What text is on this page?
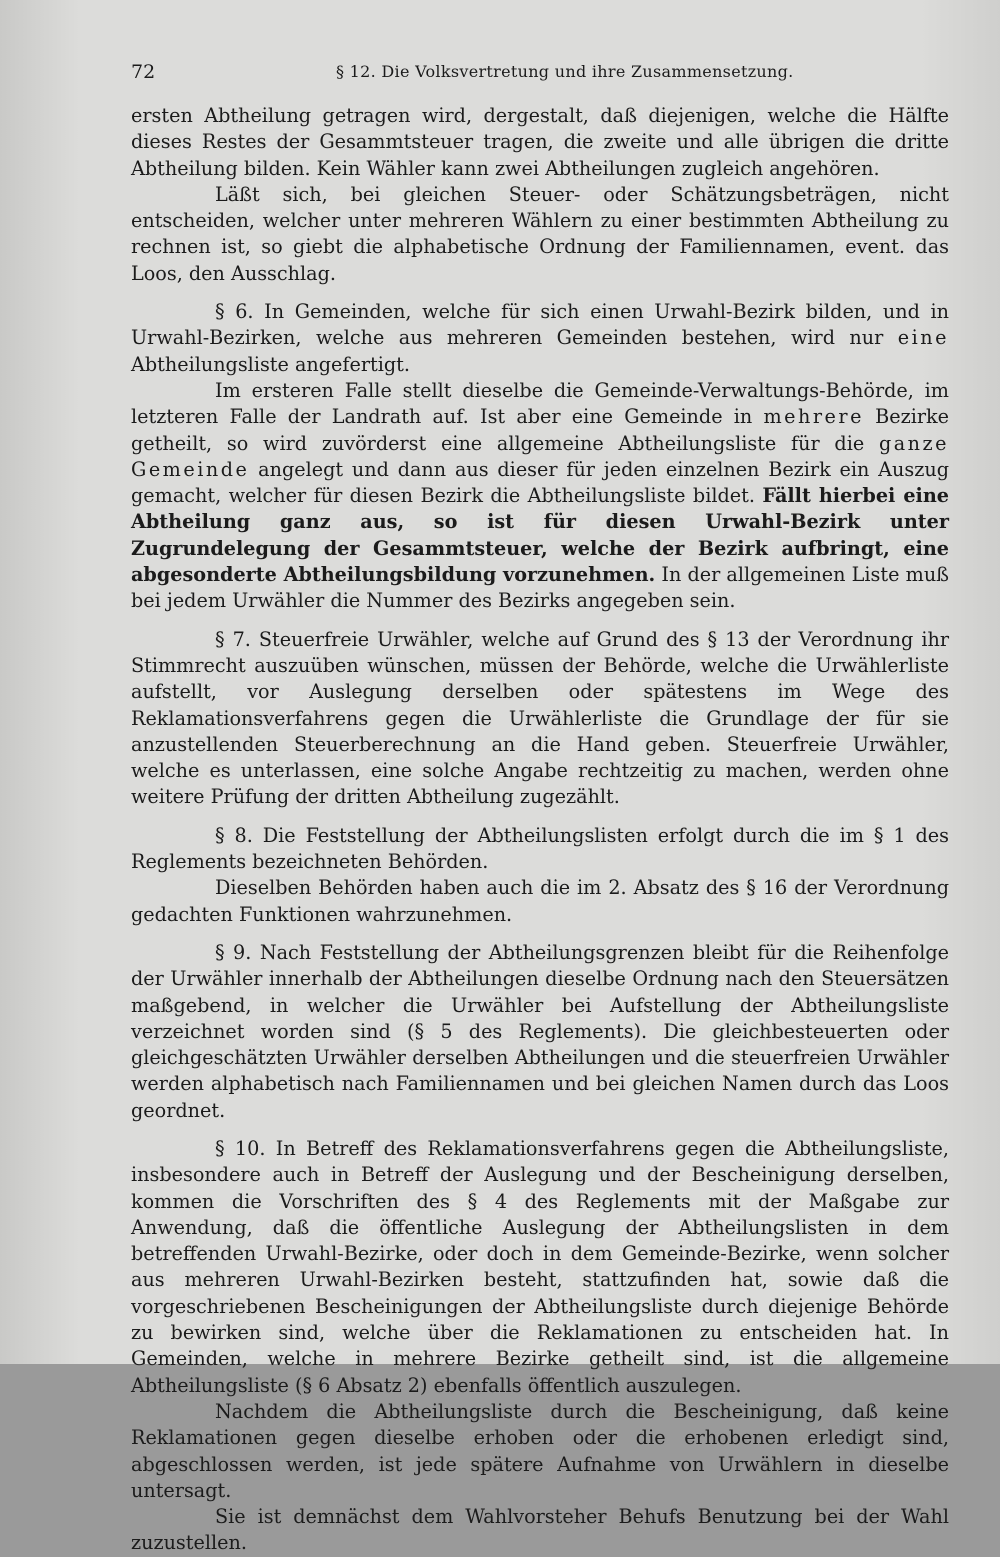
72	§ 12. Die Volksvertretung und ihre Zusammensetzung.

ersten Abtheilung getragen wird, dergestalt, daß diejenigen, welche die Hälfte dieses Restes der Gesammtsteuer tragen, die zweite und alle übrigen die dritte Abtheilung bilden. Kein Wähler kann zwei Abtheilungen zugleich angehören.

Läßt sich, bei gleichen Steuer- oder Schätzungsbeträgen, nicht entscheiden, welcher unter mehreren Wählern zu einer bestimmten Abtheilung zu rechnen ist, so giebt die alphabetische Ordnung der Familiennamen, event. das Loos, den Ausschlag.

§ 6. In Gemeinden, welche für sich einen Urwahl-Bezirk bilden, und in Urwahl-Bezirken, welche aus mehreren Gemeinden bestehen, wird nur eine Abtheilungsliste angefertigt.

Im ersteren Falle stellt dieselbe die Gemeinde-Verwaltungs-Behörde, im letzteren Falle der Landrath auf. Ist aber eine Gemeinde in mehrere Bezirke getheilt, so wird zuvörderst eine allgemeine Abtheilungsliste für die ganze Gemeinde angelegt und dann aus dieser für jeden einzelnen Bezirk ein Auszug gemacht, welcher für diesen Bezirk die Abtheilungsliste bildet. Fällt hierbei eine Abtheilung ganz aus, so ist für diesen Urwahl-Bezirk unter Zugrundelegung der Gesammtsteuer, welche der Bezirk aufbringt, eine abgesonderte Abtheilungsbildung vorzunehmen. In der allgemeinen Liste muß bei jedem Urwähler die Nummer des Bezirks angegeben sein.

§ 7. Steuerfreie Urwähler, welche auf Grund des § 13 der Verordnung ihr Stimmrecht auszuüben wünschen, müssen der Behörde, welche die Urwählerliste aufstellt, vor Auslegung derselben oder spätestens im Wege des Reklamationsverfahrens gegen die Urwählerliste die Grundlage der für sie anzustellenden Steuerberechnung an die Hand geben. Steuerfreie Urwähler, welche es unterlassen, eine solche Angabe rechtzeitig zu machen, werden ohne weitere Prüfung der dritten Abtheilung zugezählt.

§ 8. Die Feststellung der Abtheilungslisten erfolgt durch die im § 1 des Reglements bezeichneten Behörden.

Dieselben Behörden haben auch die im 2. Absatz des § 16 der Verordnung gedachten Funktionen wahrzunehmen.

§ 9. Nach Feststellung der Abtheilungsgrenzen bleibt für die Reihenfolge der Urwähler innerhalb der Abtheilungen dieselbe Ordnung nach den Steuersätzen maßgebend, in welcher die Urwähler bei Aufstellung der Abtheilungsliste verzeichnet worden sind (§ 5 des Reglements). Die gleichbesteuerten oder gleichgeschätzten Urwähler derselben Abtheilungen und die steuerfreien Urwähler werden alphabetisch nach Familiennamen und bei gleichen Namen durch das Loos geordnet.

§ 10. In Betreff des Reklamationsverfahrens gegen die Abtheilungsliste, insbesondere auch in Betreff der Auslegung und der Bescheinigung derselben, kommen die Vorschriften des § 4 des Reglements mit der Maßgabe zur Anwendung, daß die öffentliche Auslegung der Abtheilungslisten in dem betreffenden Urwahl-Bezirke, oder doch in dem Gemeinde-Bezirke, wenn solcher aus mehreren Urwahl-Bezirken besteht, stattzufinden hat, sowie daß die vorgeschriebenen Bescheinigungen der Abtheilungsliste durch diejenige Behörde zu bewirken sind, welche über die Reklamationen zu entscheiden hat. In Gemeinden, welche in mehrere Bezirke getheilt sind, ist die allgemeine Abtheilungsliste (§ 6 Absatz 2) ebenfalls öffentlich auszulegen.

Nachdem die Abtheilungsliste durch die Bescheinigung, daß keine Reklamationen gegen dieselbe erhoben oder die erhobenen erledigt sind, abgeschlossen werden, ist jede spätere Aufnahme von Urwählern in dieselbe untersagt.

Sie ist demnächst dem Wahlvorsteher Behufs Benutzung bei der Wahl zuzustellen.
